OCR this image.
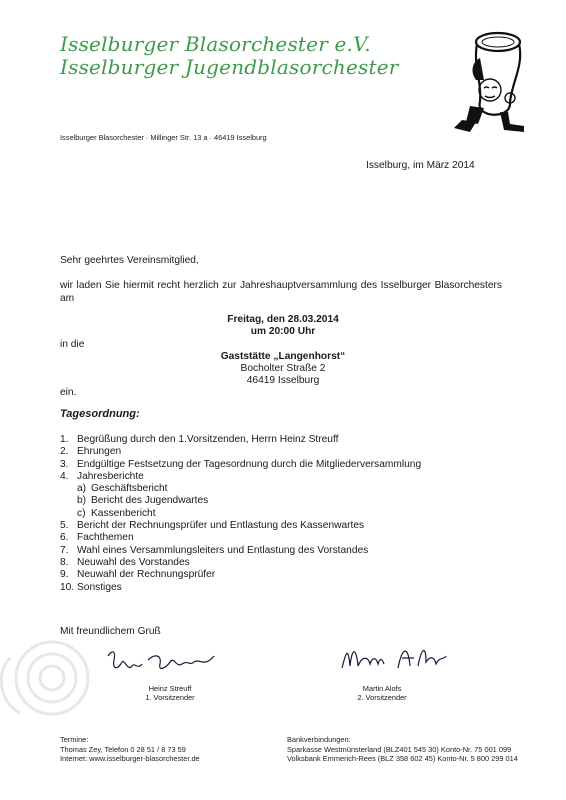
Isselburger Blasorchester e.V.
Isselburger Jugendblasorchester
Isselburger Blasorchester · Millinger Str. 13 a · 46419 Isselburg
Isselburg, im März 2014
Sehr geehrtes Vereinsmitglied,
wir laden Sie hiermit recht herzlich zur Jahreshauptversammlung des Isselburger Blasorchesters am
Freitag, den 28.03.2014
um 20:00 Uhr
in die
Gaststätte „Langenhorst“
Bocholter Straße 2
46419 Isselburg
ein.
Tagesordnung:
1. Begrüßung durch den 1.Vorsitzenden, Herrn Heinz Streuff
2. Ehrungen
3. Endgültige Festsetzung der Tagesordnung durch die Mitgliederversammlung
4. Jahresberichte
a) Geschäftsbericht
b) Bericht des Jugendwartes
c) Kassenbericht
5. Bericht der Rechnungsprüfer und Entlastung des Kassenwartes
6. Fachthemen
7. Wahl eines Versammlungsleiters und Entlastung des Vorstandes
8. Neuwahl des Vorstandes
9. Neuwahl der Rechnungsprüfer
10. Sonstiges
Mit freundlichem Gruß
Heinz Streuff
1. Vorsitzender
Martin Alofs
2. Vorsitzender
Termine:
Thomas Zey, Telefon 0 28 51 / 8 73 59
Internet: www.isselburger-blasorchester.de
Bankverbindungen:
Sparkasse Westmünsterland (BLZ401 545 30) Konto-Nr. 75 001 099
Volksbank Emmerich-Rees (BLZ 358 602 45) Konto-Nr. 5 800 299 014
